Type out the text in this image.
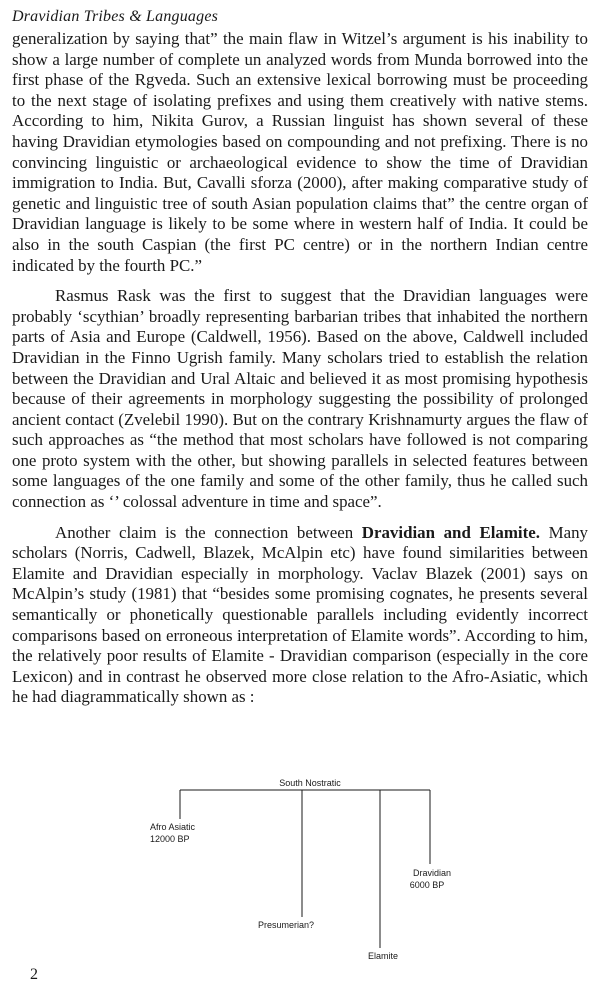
Dravidian Tribes & Languages

generalization by saying that” the main flaw in Witzel’s argument is his inability to show a large number of complete un analyzed words from Munda borrowed into the first phase of the Rgveda. Such an extensive lexical borrowing must be proceeding to the next stage of isolating prefixes and using them creatively with native stems. According to him, Nikita Gurov, a Russian linguist has shown several of these having Dravidian etymologies based on compounding and not prefixing. There is no convincing linguistic or archaeological evidence to show the time of Dravidian immigration to India. But, Cavalli sforza (2000), after making comparative study of genetic and linguistic tree of south Asian population claims that” the centre organ of Dravidian language is likely to be some where in western half of India. It could be also in the south Caspian (the first PC centre) or in the northern Indian centre indicated by the fourth PC.”

Rasmus Rask was the first to suggest that the Dravidian languages were probably ‘scythian’ broadly representing barbarian tribes that inhabited the northern parts of Asia and Europe (Caldwell, 1956). Based on the above, Caldwell included Dravidian in the Finno Ugrish family. Many scholars tried to establish the relation between the Dravidian and Ural Altaic and believed it as most promising hypothesis because of their agreements in morphology suggesting the possibility of prolonged ancient contact (Zvelebil 1990). But on the contrary Krishnamurty argues the flaw of such approaches as “the method that most scholars have followed is not comparing one proto system with the other, but showing parallels in selected features between some languages of the one family and some of the other family, thus he called such connection as ‘’ colossal adventure in time and space”.

Another claim is the connection between Dravidian and Elamite. Many scholars (Norris, Cadwell, Blazek, McAlpin etc) have found similarities between Elamite and Dravidian especially in morphology. Vaclav Blazek (2001) says on McAlpin’s study (1981) that “besides some promising cognates, he presents several semantically or phonetically questionable parallels including evidently incorrect comparisons based on erroneous interpretation of Elamite words”. According to him, the relatively poor results of Elamite - Dravidian comparison (especially in the core Lexicon) and in contrast he observed more close relation to the Afro-Asiatic, which he had diagrammatically shown as :

South Nostratic
Afro Asiatic
12000 BP
Presumerian?
Elamite
Dravidian
6000 BP
2
